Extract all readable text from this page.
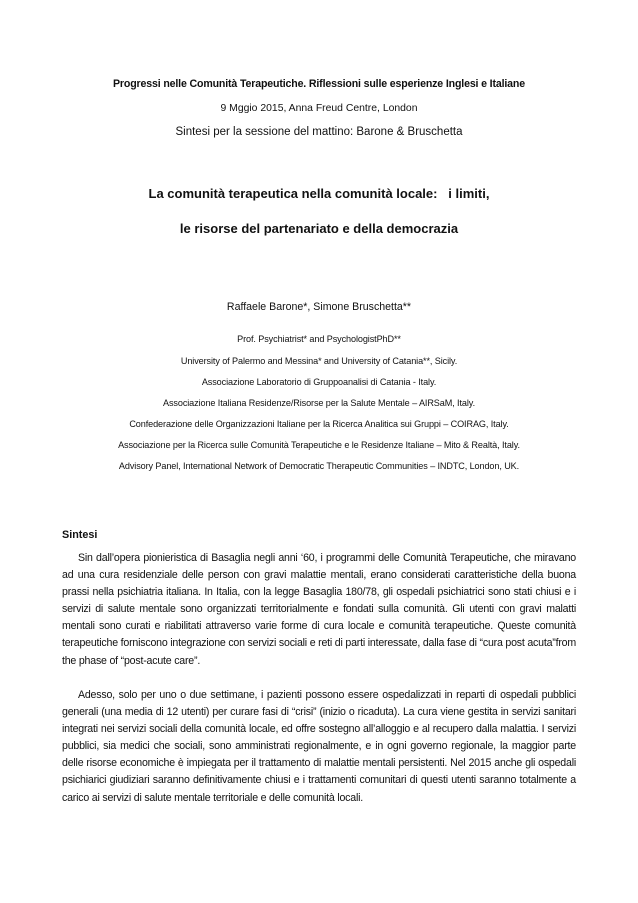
Progressi nelle Comunità Terapeutiche. Riflessioni sulle esperienze Inglesi e Italiane
9 Mggio 2015, Anna Freud Centre, London
Sintesi per la sessione del mattino: Barone & Bruschetta
La comunità terapeutica nella comunità locale:   i limiti,
le risorse del partenariato e della democrazia
Raffaele Barone*, Simone Bruschetta**
Prof. Psychiatrist* and PsychologistPhD**
University of Palermo and Messina* and University of Catania**, Sicily.
Associazione Laboratorio di Gruppoanalisi di Catania - Italy.
Associazione Italiana Residenze/Risorse per la Salute Mentale – AIRSaM, Italy.
Confederazione delle Organizzazioni Italiane per la Ricerca Analitica sui Gruppi – COIRAG, Italy.
Associazione per la Ricerca sulle Comunità Terapeutiche e le Residenze Italiane – Mito & Realtà, Italy.
Advisory Panel, International Network of Democratic Therapeutic Communities – INDTC, London, UK.
Sintesi

Sin dall’opera pionieristica di Basaglia negli anni ‘60, i programmi delle Comunità Terapeutiche, che miravano ad una cura residenziale delle person con gravi malattie mentali, erano considerati caratteristiche della buona prassi nella psichiatria italiana. In Italia, con la legge Basaglia 180/78, gli ospedali psichiatrici sono stati chiusi e i servizi di salute mentale sono organizzati territorialmente e fondati sulla comunità. Gli utenti con gravi malatti mentali sono curati e riabilitati attraverso varie forme di cura locale e comunità terapeutiche. Queste comunità terapeutiche forniscono integrazione con servizi sociali e reti di parti interessate, dalla fase di “cura post acuta”from the phase of “post-acute care”.

Adesso, solo per uno o due settimane, i pazienti possono essere ospedalizzati in reparti di ospedali pubblici generali (una media di 12 utenti) per curare fasi di “crisi” (inizio o ricaduta). La cura viene gestita in servizi sanitari integrati nei servizi sociali della comunità locale, ed offre sostegno all’alloggio e al recupero dalla malattia. I servizi pubblici, sia medici che sociali, sono amministrati regionalmente, e in ogni governo regionale, la maggior parte delle risorse economiche è impiegata per il trattamento di malattie mentali persistenti. Nel 2015 anche gli ospedali psichiarici giudiziari saranno definitivamente chiusi e i trattamenti comunitari di questi utenti saranno totalmente a carico ai servizi di salute mentale territoriale e delle comunità locali.
